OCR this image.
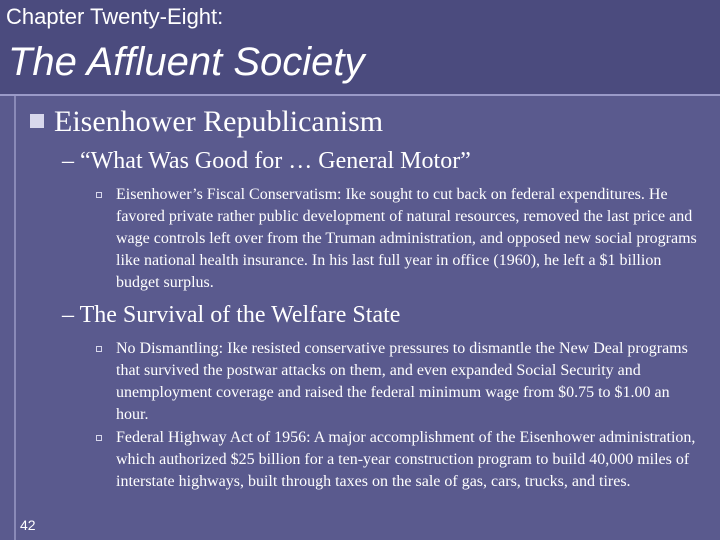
Chapter Twenty-Eight:
The Affluent Society
Eisenhower Republicanism
– “What Was Good for … General Motor”
Eisenhower’s Fiscal Conservatism: Ike sought to cut back on federal expenditures. He favored private rather public development of natural resources, removed the last price and wage controls left over from the Truman administration, and opposed new social programs like national health insurance. In his last full year in office (1960), he left a $1 billion budget surplus.
– The Survival of the Welfare State
No Dismantling: Ike resisted conservative pressures to dismantle the New Deal programs that survived the postwar attacks on them, and even expanded Social Security and unemployment coverage and raised the federal minimum wage from $0.75 to $1.00 an hour.
Federal Highway Act of 1956: A major accomplishment of the Eisenhower administration, which authorized $25 billion for a ten-year construction program to build 40,000 miles of interstate highways, built through taxes on the sale of gas, cars, trucks, and tires.
42
